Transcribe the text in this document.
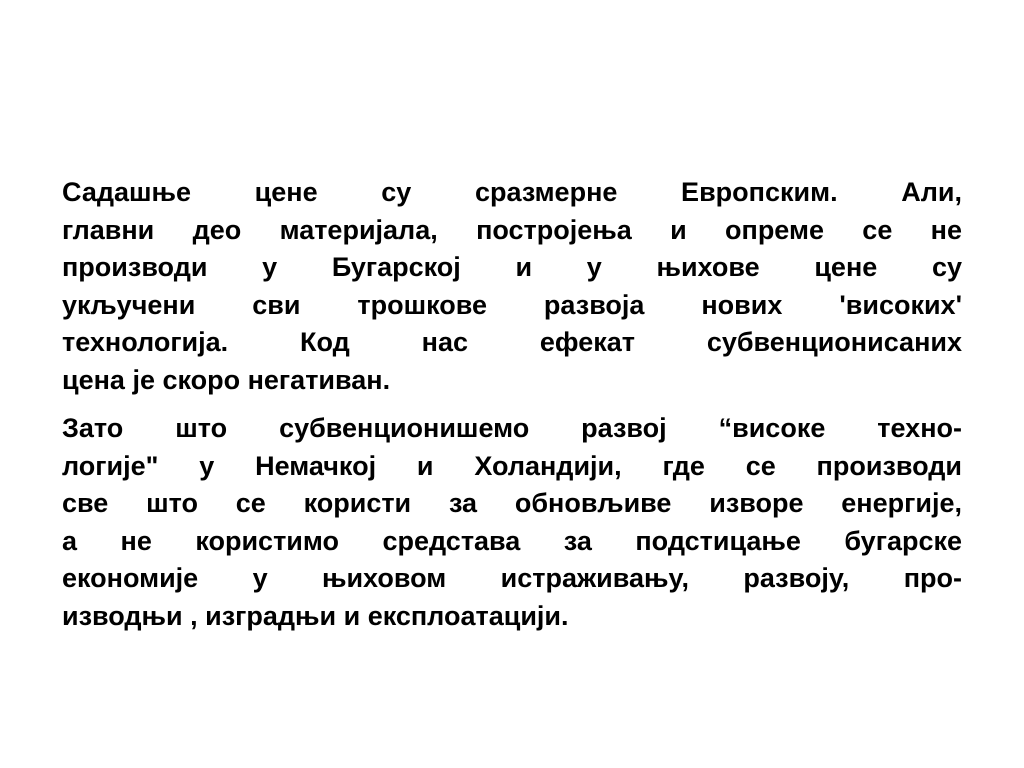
Садашње цене су сразмерне Европским. Али,
главни део материјала, постројења и опреме се не
производи у Бугарској и у њихове цене су
укључени сви трошкове развоја нових 'високих'
технологија. Код нас ефекат субвенционисаних
цена је скоро негативан.

Зато што субвенционишемо развој “високе техно-
логије" у Немачкој и Холандији, где се производи
све што се користи за обновљиве изворе енергије,
а не користимо средстава за подстицање бугарске
економије у њиховом истраживању, развоју, про-
изводњи , изградњи и експлоатацији.
